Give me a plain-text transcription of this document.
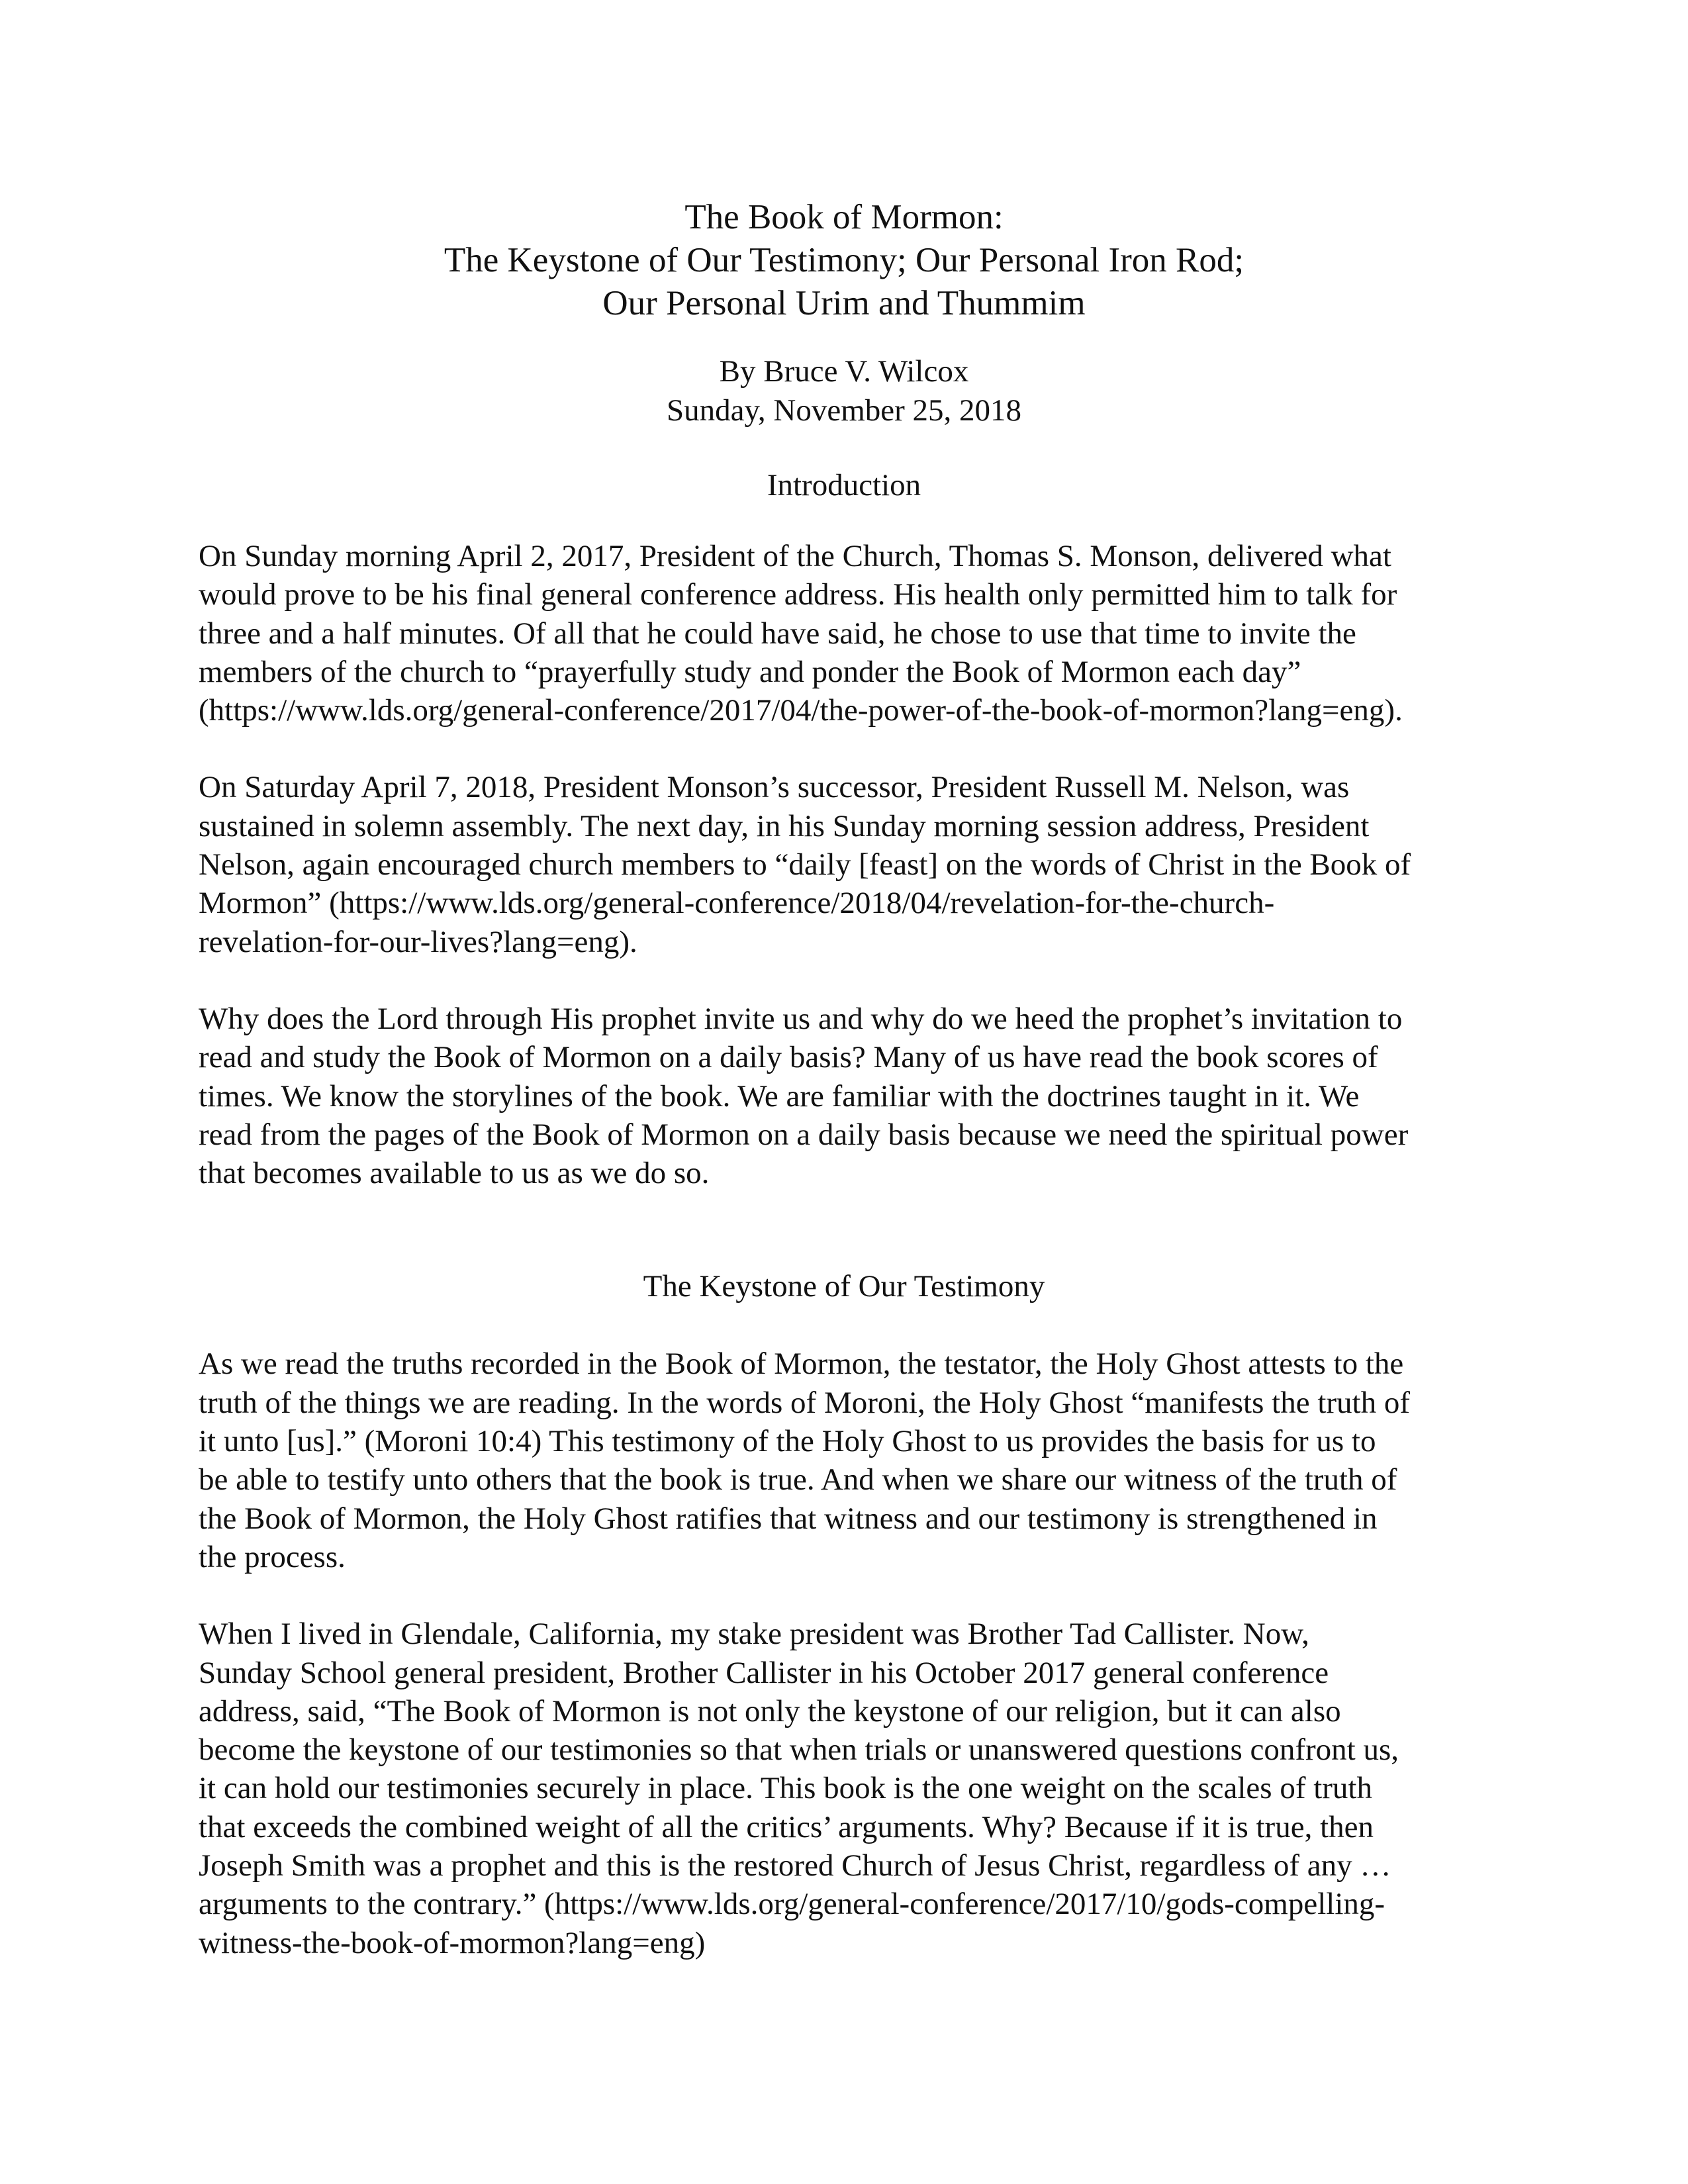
The Book of Mormon:
The Keystone of Our Testimony; Our Personal Iron Rod;
Our Personal Urim and Thummim
By Bruce V. Wilcox
Sunday, November 25, 2018
Introduction

On Sunday morning April 2, 2017, President of the Church, Thomas S. Monson, delivered what
would prove to be his final general conference address. His health only permitted him to talk for
three and a half minutes. Of all that he could have said, he chose to use that time to invite the
members of the church to “prayerfully study and ponder the Book of Mormon each day”
(https://www.lds.org/general-conference/2017/04/the-power-of-the-book-of-mormon?lang=eng).

On Saturday April 7, 2018, President Monson’s successor, President Russell M. Nelson, was
sustained in solemn assembly. The next day, in his Sunday morning session address, President
Nelson, again encouraged church members to “daily [feast] on the words of Christ in the Book of
Mormon” (https://www.lds.org/general-conference/2018/04/revelation-for-the-church-
revelation-for-our-lives?lang=eng).

Why does the Lord through His prophet invite us and why do we heed the prophet’s invitation to
read and study the Book of Mormon on a daily basis? Many of us have read the book scores of
times. We know the storylines of the book. We are familiar with the doctrines taught in it. We
read from the pages of the Book of Mormon on a daily basis because we need the spiritual power
that becomes available to us as we do so.

The Keystone of Our Testimony

As we read the truths recorded in the Book of Mormon, the testator, the Holy Ghost attests to the
truth of the things we are reading. In the words of Moroni, the Holy Ghost “manifests the truth of
it unto [us].” (Moroni 10:4) This testimony of the Holy Ghost to us provides the basis for us to
be able to testify unto others that the book is true. And when we share our witness of the truth of
the Book of Mormon, the Holy Ghost ratifies that witness and our testimony is strengthened in
the process.

When I lived in Glendale, California, my stake president was Brother Tad Callister. Now,
Sunday School general president, Brother Callister in his October 2017 general conference
address, said, “The Book of Mormon is not only the keystone of our religion, but it can also
become the keystone of our testimonies so that when trials or unanswered questions confront us,
it can hold our testimonies securely in place. This book is the one weight on the scales of truth
that exceeds the combined weight of all the critics’ arguments. Why? Because if it is true, then
Joseph Smith was a prophet and this is the restored Church of Jesus Christ, regardless of any …
arguments to the contrary.” (https://www.lds.org/general-conference/2017/10/gods-compelling-
witness-the-book-of-mormon?lang=eng)
